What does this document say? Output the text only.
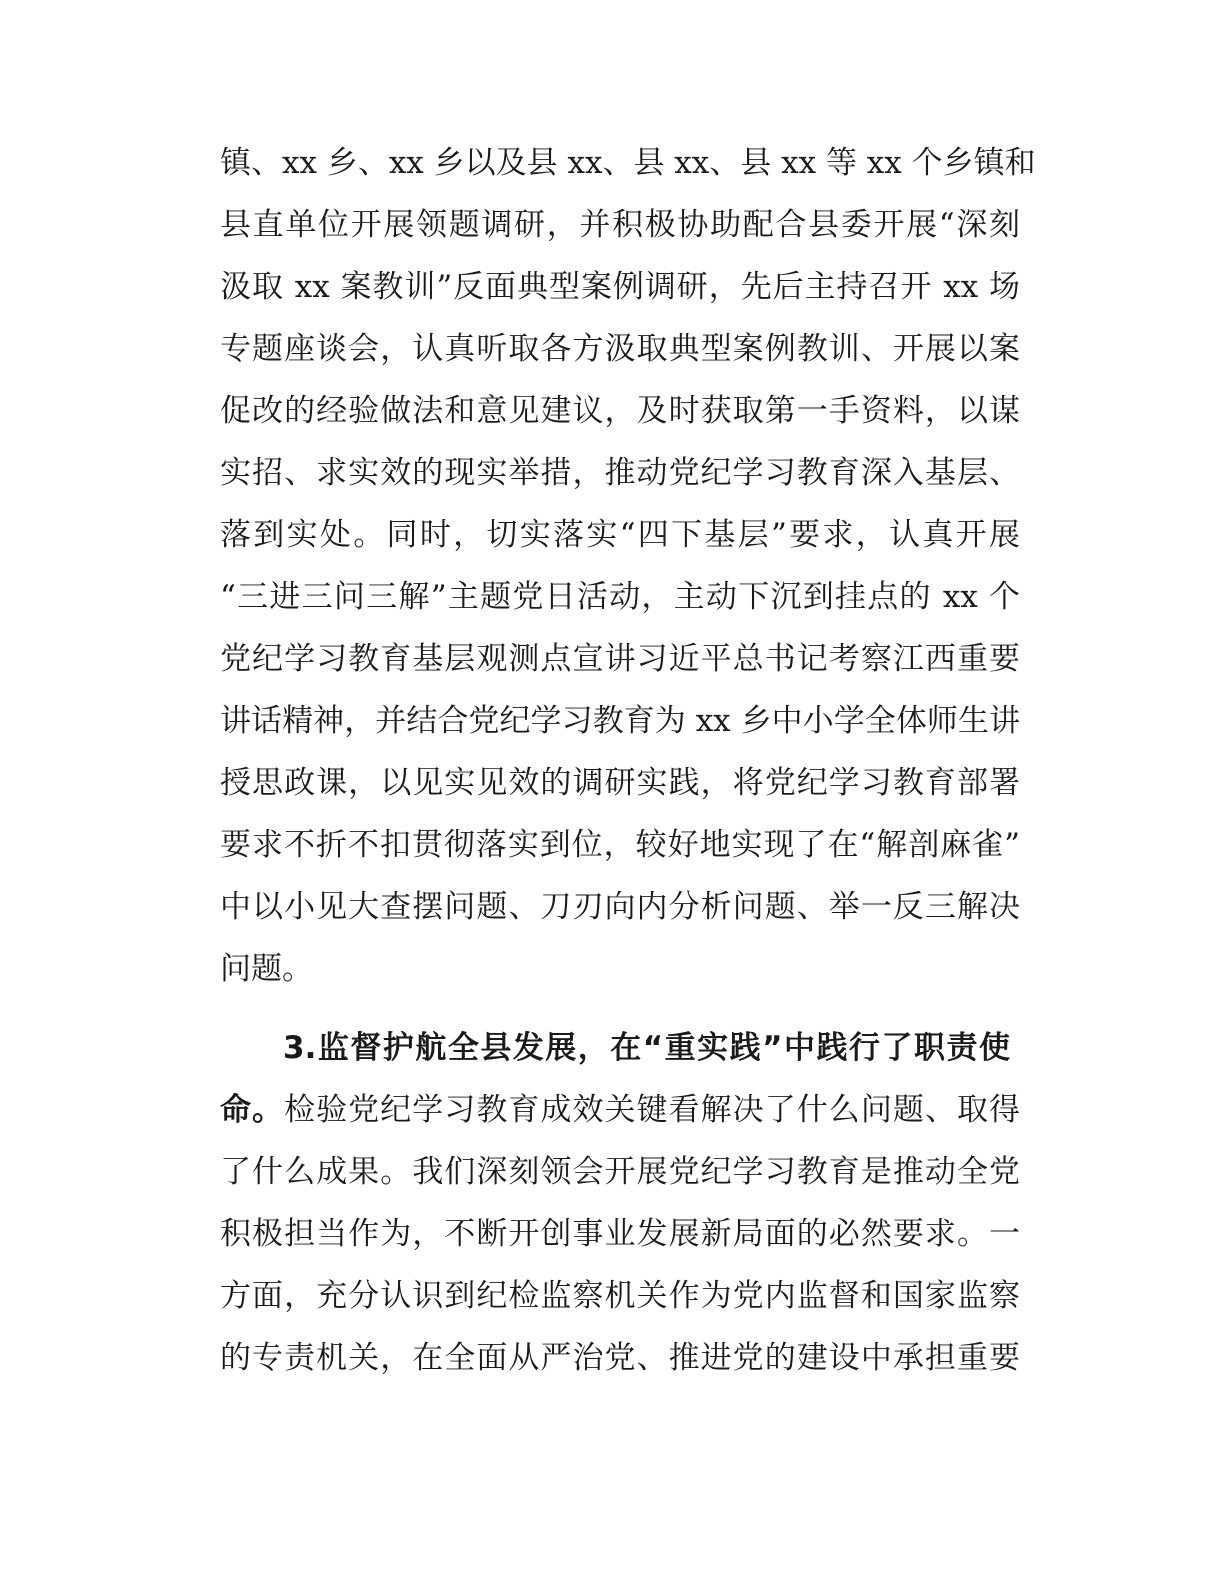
镇、xx 乡、xx 乡以及县 xx、县 xx、县 xx 等 xx 个乡镇和
县直单位开展领题调研，并积极协助配合县委开展“深刻
汲取 xx 案教训”反面典型案例调研，先后主持召开 xx 场
专题座谈会，认真听取各方汲取典型案例教训、开展以案
促改的经验做法和意见建议，及时获取第一手资料，以谋
实招、求实效的现实举措，推动党纪学习教育深入基层、
落到实处。同时，切实落实“四下基层”要求，认真开展
“三进三问三解”主题党日活动，主动下沉到挂点的 xx 个
党纪学习教育基层观测点宣讲习近平总书记考察江西重要
讲话精神，并结合党纪学习教育为 xx 乡中小学全体师生讲
授思政课，以见实见效的调研实践，将党纪学习教育部署
要求不折不扣贯彻落实到位，较好地实现了在“解剖麻雀”
中以小见大查摆问题、刀刃向内分析问题、举一反三解决
问题。
3.监督护航全县发展，在“重实践”中践行了职责使
命。检验党纪学习教育成效关键看解决了什么问题、取得
了什么成果。我们深刻领会开展党纪学习教育是推动全党
积极担当作为，不断开创事业发展新局面的必然要求。一
方面，充分认识到纪检监察机关作为党内监督和国家监察
的专责机关，在全面从严治党、推进党的建设中承担重要
